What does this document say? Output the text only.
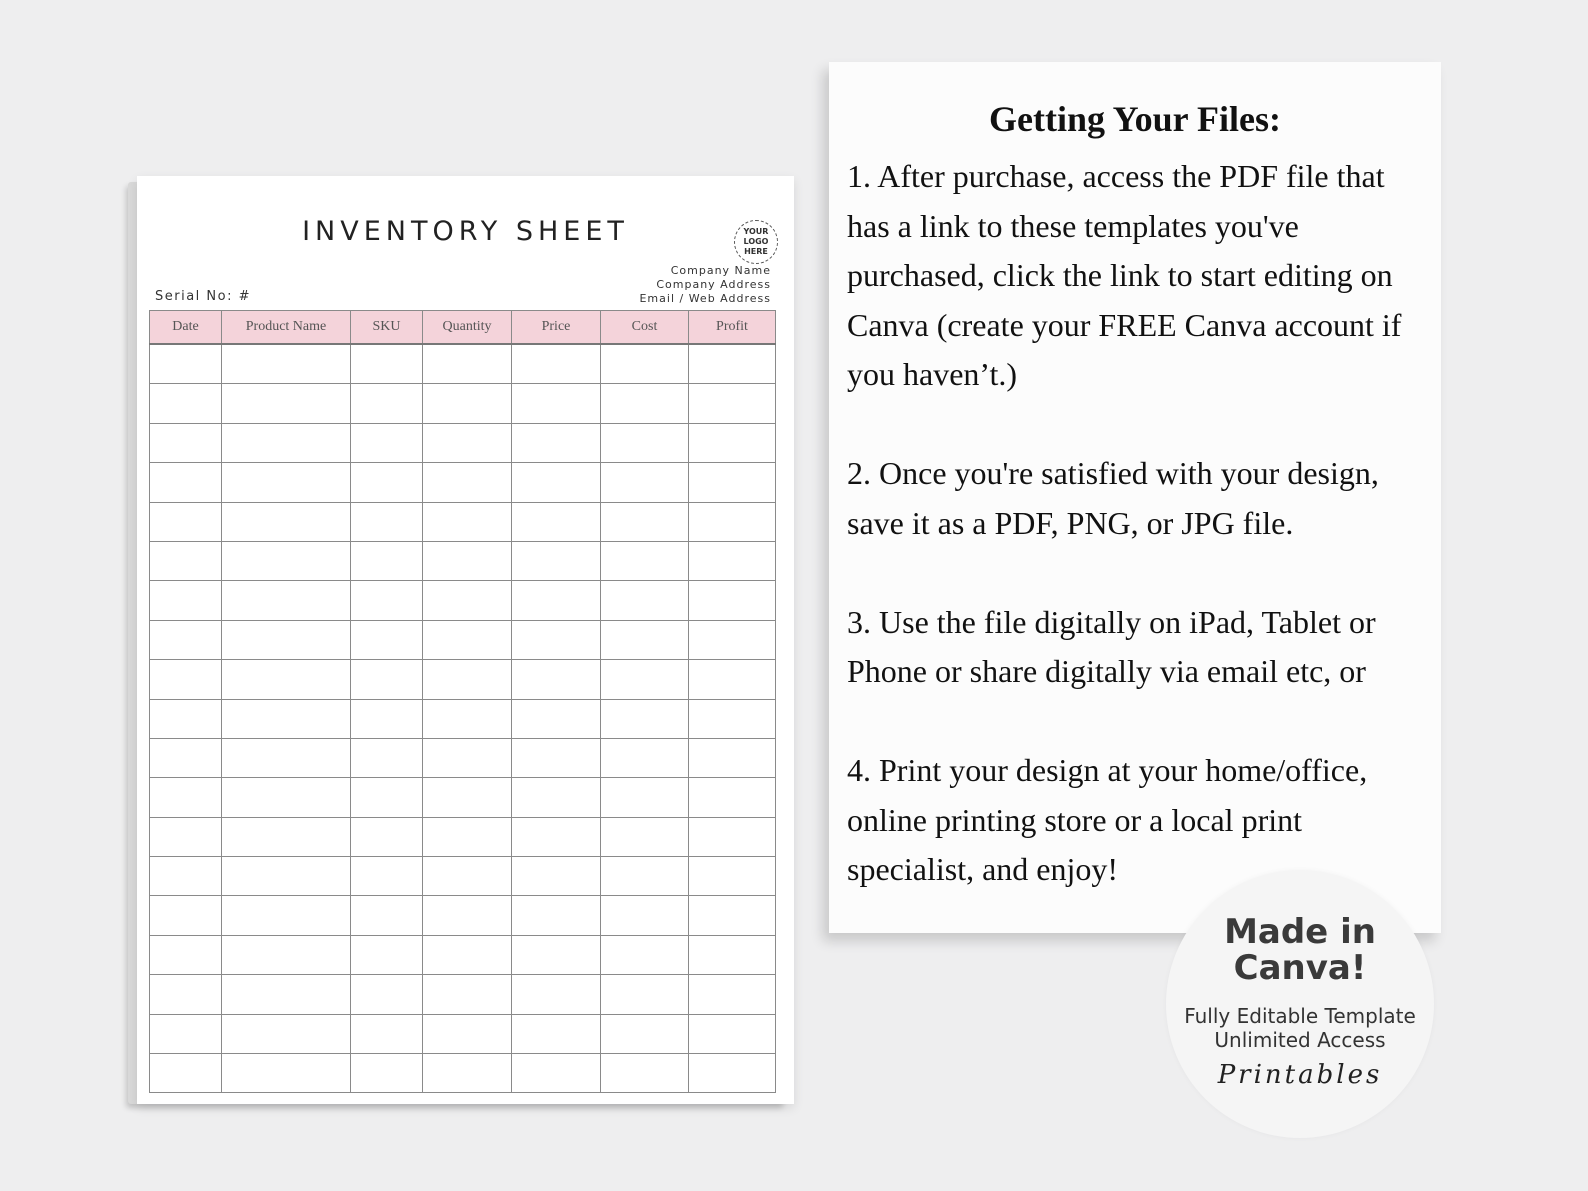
INVENTORY SHEET	YOUR
LOGO
HERE
Company Name
Company Address
Email / Web Address
Serial No: #
Date	Product Name	SKU	Quantity	Price	Cost	Profit

Getting Your Files:

1. After purchase, access the PDF file that has a link to these templates you've purchased, click the link to start editing on Canva (create your FREE Canva account if you haven’t.)

2. Once you're satisfied with your design, save it as a PDF, PNG, or JPG file.

3. Use the file digitally on iPad, Tablet or Phone or share digitally via email etc, or

4. Print your design at your home/office, online printing store or a local print specialist, and enjoy!

Made in
Canva!
Fully Editable Template
Unlimited Access
Printables
